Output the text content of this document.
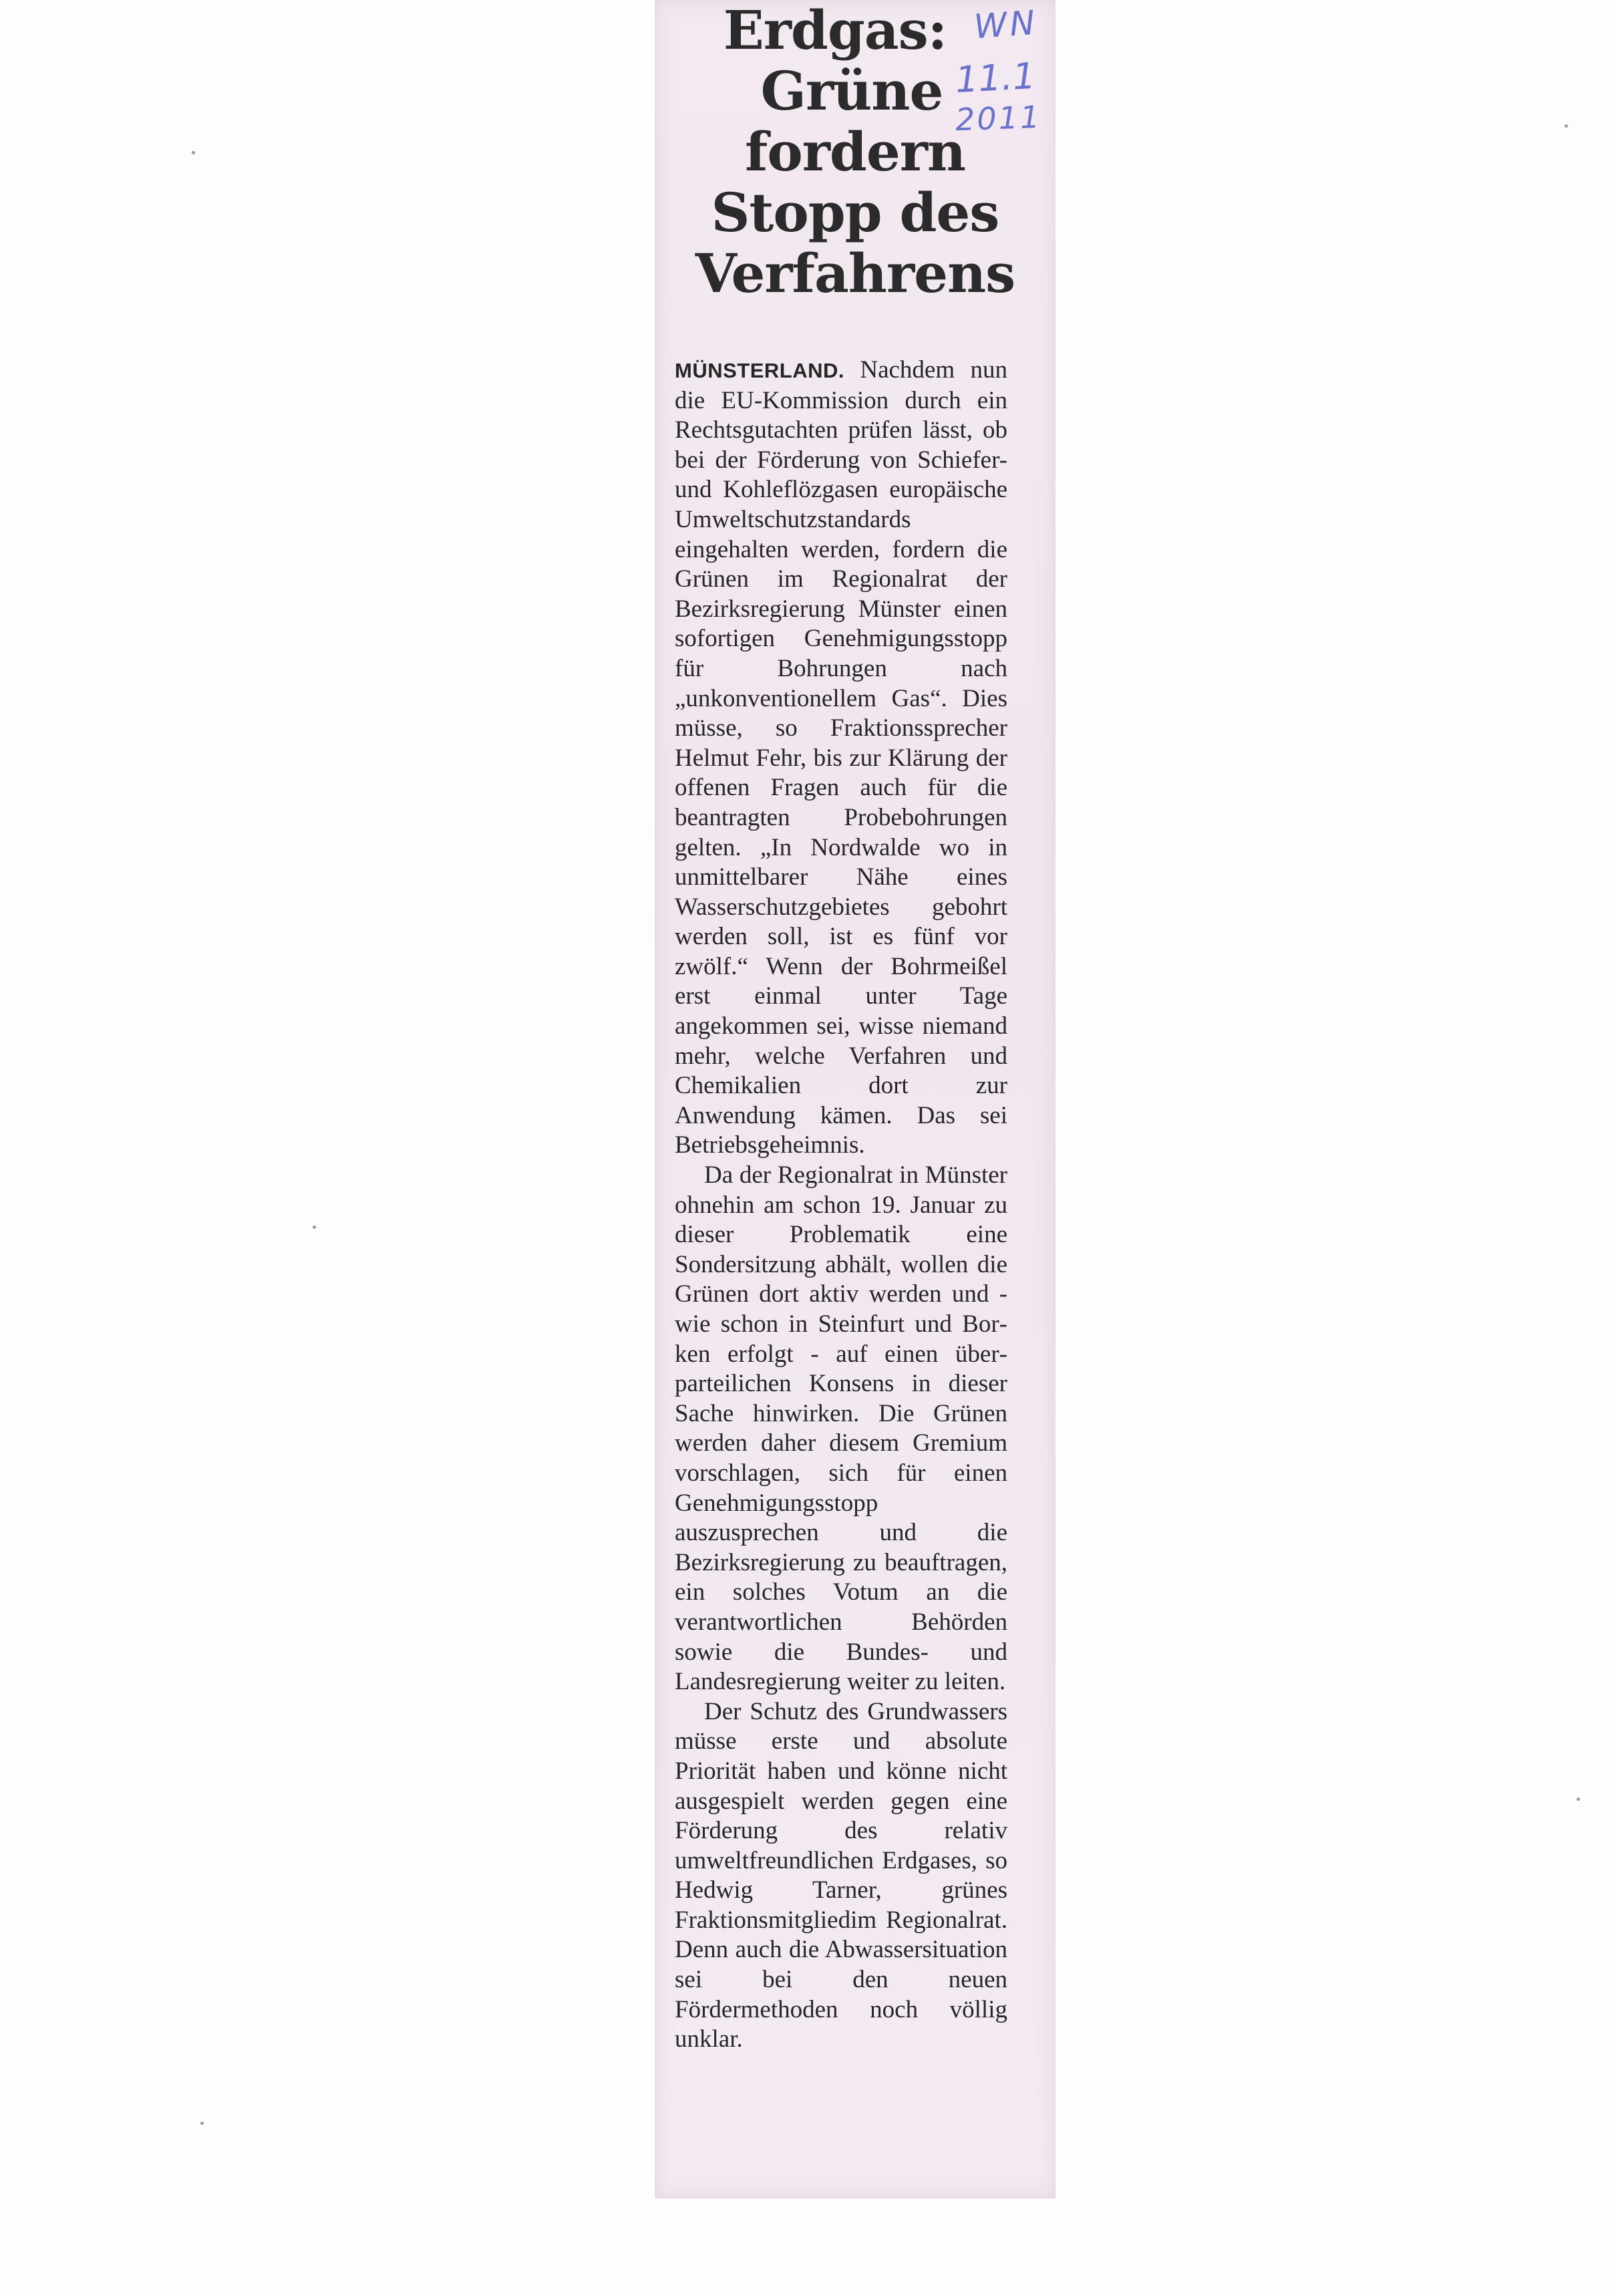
Erdgas:
Grüne
fordern
Stopp des
Verfahrens

MÜNSTERLAND. Nachdem nun die EU-Kommission durch ein Rechtsgutachten prüfen lässt, ob bei der Förderung von Schiefer- und Kohleflözgasen europäische Umweltschutzstandards eingehalten werden, fordern die Grünen im Regionalrat der Bezirksregierung Münster einen sofortigen Genehmigungsstopp für Bohrungen nach „unkonventionellem Gas“. Dies müsse, so Fraktionssprecher Helmut Fehr, bis zur Klärung der offenen Fragen auch für die beantragten Probebohrungen gelten. „In Nordwalde wo in unmittelbarer Nähe eines Wasserschutzgebietes gebohrt werden soll, ist es fünf vor zwölf.“ Wenn der Bohrmeißel erst einmal unter Tage angekommen sei, wisse niemand mehr, welche Verfahren und Chemikalien dort zur Anwendung kämen. Das sei Betriebsgeheimnis.

Da der Regionalrat in Münster ohnehin am schon 19. Januar zu dieser Problematik eine Sondersitzung abhält, wollen die Grünen dort aktiv werden und - wie schon in Steinfurt und Borken erfolgt - auf einen überparteilichen Konsens in dieser Sache hinwirken. Die Grünen werden daher diesem Gremium vorschlagen, sich für einen Genehmigungsstopp auszusprechen und die Bezirksregierung zu beauftragen, ein solches Votum an die verantwortlichen Behörden sowie die Bundes- und Landesregierung weiter zu leiten.

Der Schutz des Grundwassers müsse erste und absolute Priorität haben und könne nicht ausgespielt werden gegen eine Förderung des relativ umweltfreundlichen Erdgases, so Hedwig Tarner, grünes Fraktionsmitgliedim Regionalrat. Denn auch die Abwassersituation sei bei den neuen Fördermethoden noch völlig unklar.

WN
11.1
2011
